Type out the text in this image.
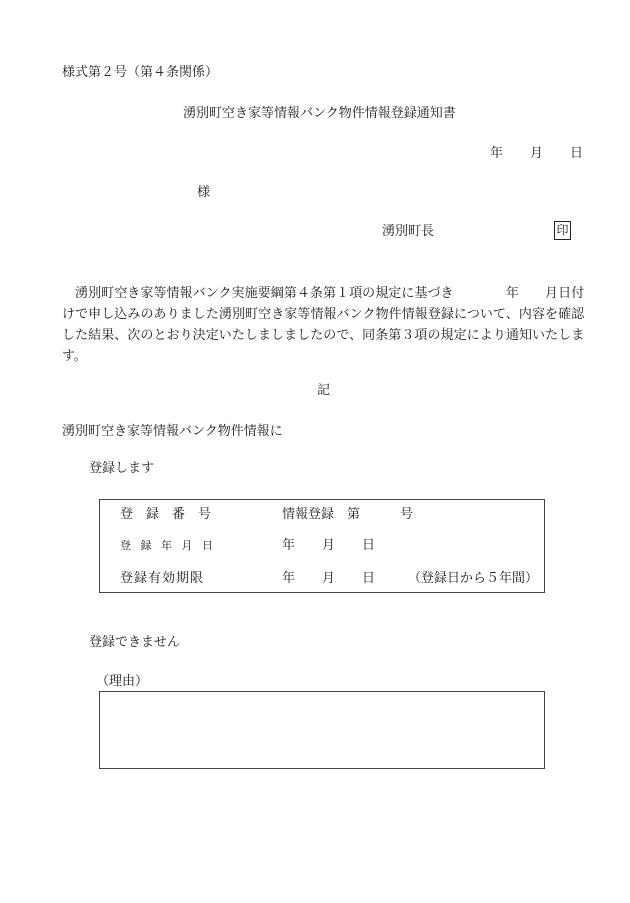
様式第２号（第４条関係）
湧別町空き家等情報バンク物件情報登録通知書
年 月 日
様
湧別町長	印
湧別町空き家等情報バンク実施要綱第４条第１項の規定に基づき　　　　年　　月日付けで申し込みのありました湧別町空き家等情報バンク物件情報登録について、内容を確認した結果、次のとおり決定いたしましましたので、同条第３項の規定により通知いたします。
記
湧別町空き家等情報バンク物件情報に
登録します
登　録　番　号	情報登録　第	号
登 録 年 月 日	年 月 日
登録有効期限	年 月 日	（登録日から５年間）
登録できません
（理由）
